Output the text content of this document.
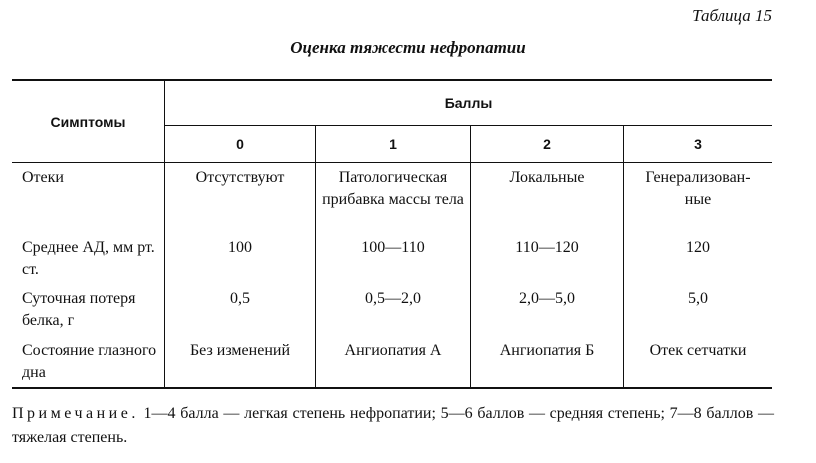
Таблица 15
Оценка тяжести нефропатии
Симптомы	Баллы			
	0	1	2	3
Отеки	Отсутствуют	Патологическая прибавка массы тела	Локальные	Генерализован-ные
Среднее АД, мм рт. ст.	100	100—110	110—120	120
Суточная потеря белка, г	0,5	0,5—2,0	2,0—5,0	5,0
Состояние глазного дна	Без изменений	Ангиопатия А	Ангиопатия Б	Отек сетчатки
Примечание. 1—4 балла — легкая степень нефропатии; 5—6 баллов — средняя степень; 7—8 баллов — тяжелая степень.
